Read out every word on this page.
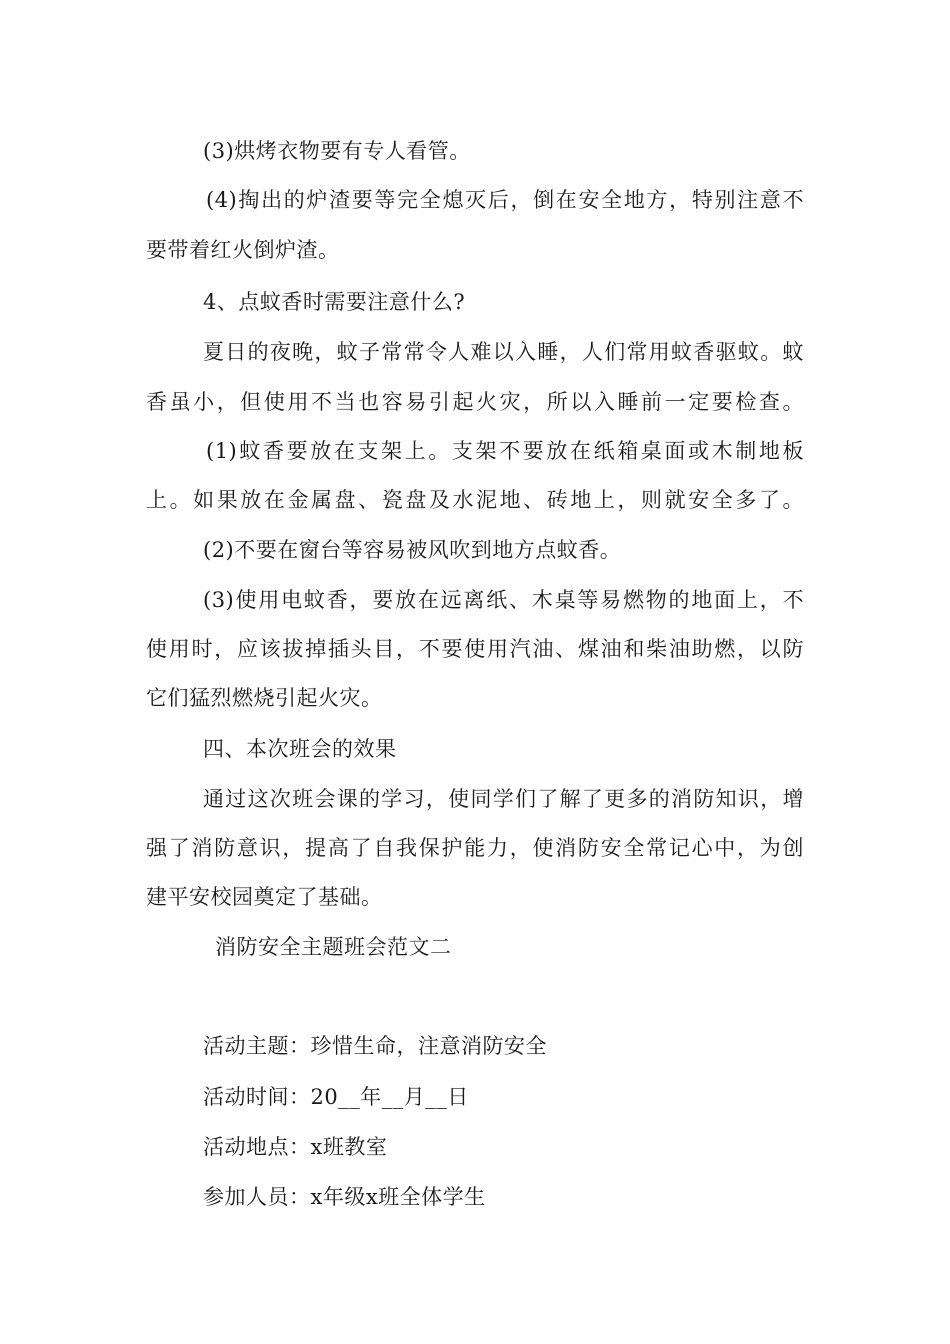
(3)烘烤衣物要有专人看管。
(4)掏出的炉渣要等完全熄灭后，倒在安全地方，特别注意不
要带着红火倒炉渣。
4、点蚊香时需要注意什么?
夏日的夜晚，蚊子常常令人难以入睡，人们常用蚊香驱蚊。蚊
香虽小，但使用不当也容易引起火灾，所以入睡前一定要检查。
(1)蚊香要放在支架上。支架不要放在纸箱桌面或木制地板
上。如果放在金属盘、瓷盘及水泥地、砖地上，则就安全多了。
(2)不要在窗台等容易被风吹到地方点蚊香。
(3)使用电蚊香，要放在远离纸、木桌等易燃物的地面上，不
使用时，应该拔掉插头目，不要使用汽油、煤油和柴油助燃，以防
它们猛烈燃烧引起火灾。
四、本次班会的效果
通过这次班会课的学习，使同学们了解了更多的消防知识，增
强了消防意识，提高了自我保护能力，使消防安全常记心中，为创
建平安校园奠定了基础。
消防安全主题班会范文二
活动主题：珍惜生命，注意消防安全
活动时间：20__年__月__日
活动地点：x班教室
参加人员：x年级x班全体学生
